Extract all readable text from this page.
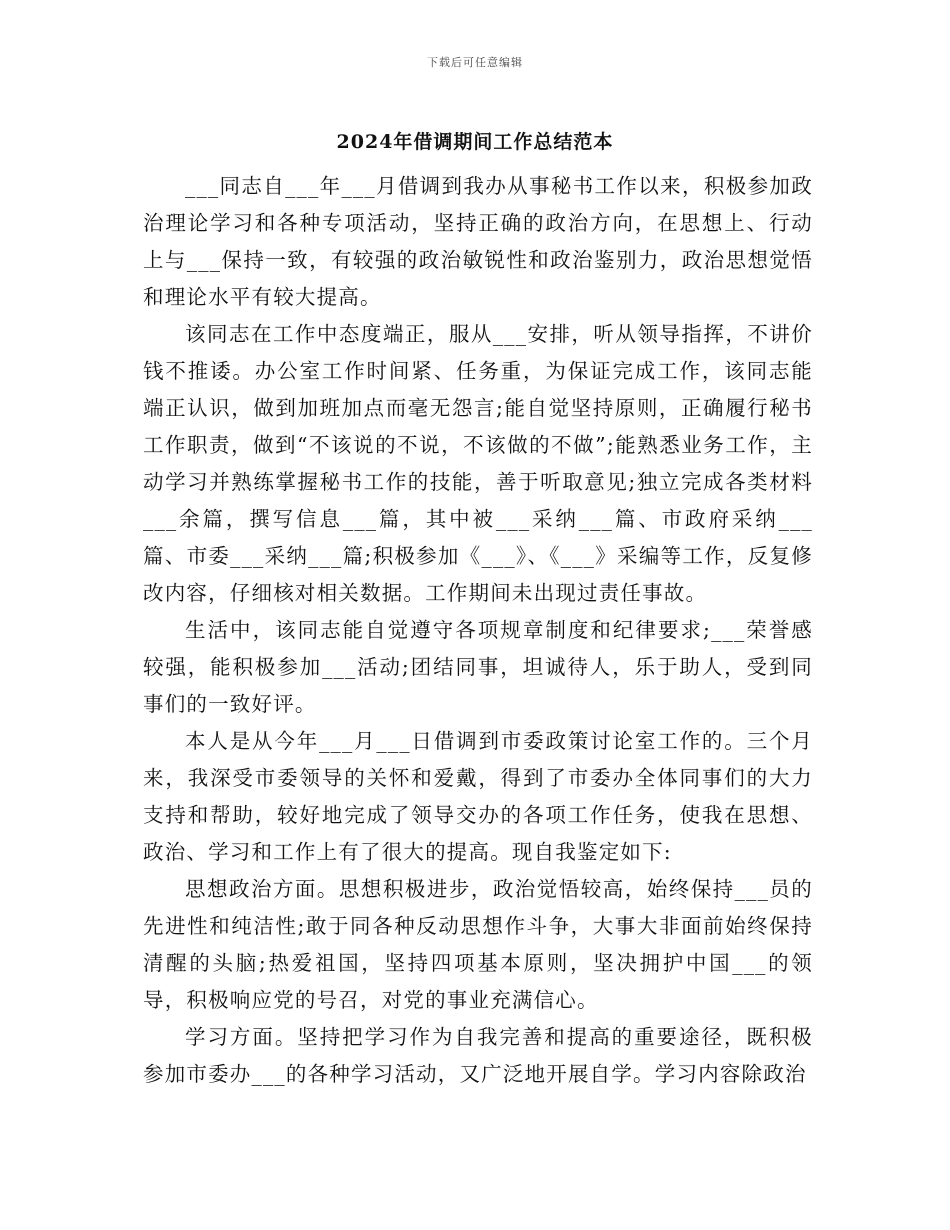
下载后可任意编辑
2024年借调期间工作总结范本

___同志自___年___月借调到我办从事秘书工作以来，积极参加政治理论学习和各种专项活动，坚持正确的政治方向，在思想上、行动上与___保持一致，有较强的政治敏锐性和政治鉴别力，政治思想觉悟和理论水平有较大提高。

该同志在工作中态度端正，服从___安排，听从领导指挥，不讲价钱不推诿。办公室工作时间紧、任务重，为保证完成工作，该同志能端正认识，做到加班加点而毫无怨言;能自觉坚持原则，正确履行秘书工作职责，做到“不该说的不说，不该做的不做”;能熟悉业务工作，主动学习并熟练掌握秘书工作的技能，善于听取意见;独立完成各类材料___余篇，撰写信息___篇，其中被___采纳___篇、市政府采纳___篇、市委___采纳___篇;积极参加《___》、《___》采编等工作，反复修改内容，仔细核对相关数据。工作期间未出现过责任事故。

生活中，该同志能自觉遵守各项规章制度和纪律要求;___荣誉感较强，能积极参加___活动;团结同事，坦诚待人，乐于助人，受到同事们的一致好评。

本人是从今年___月___日借调到市委政策讨论室工作的。三个月来，我深受市委领导的关怀和爱戴，得到了市委办全体同事们的大力支持和帮助，较好地完成了领导交办的各项工作任务，使我在思想、政治、学习和工作上有了很大的提高。现自我鉴定如下:

思想政治方面。思想积极进步，政治觉悟较高，始终保持___员的先进性和纯洁性;敢于同各种反动思想作斗争，大事大非面前始终保持清醒的头脑;热爱祖国，坚持四项基本原则，坚决拥护中国___的领导，积极响应党的号召，对党的事业充满信心。

学习方面。坚持把学习作为自我完善和提高的重要途径，既积极参加市委办___的各种学习活动，又广泛地开展自学。学习内容除政治
